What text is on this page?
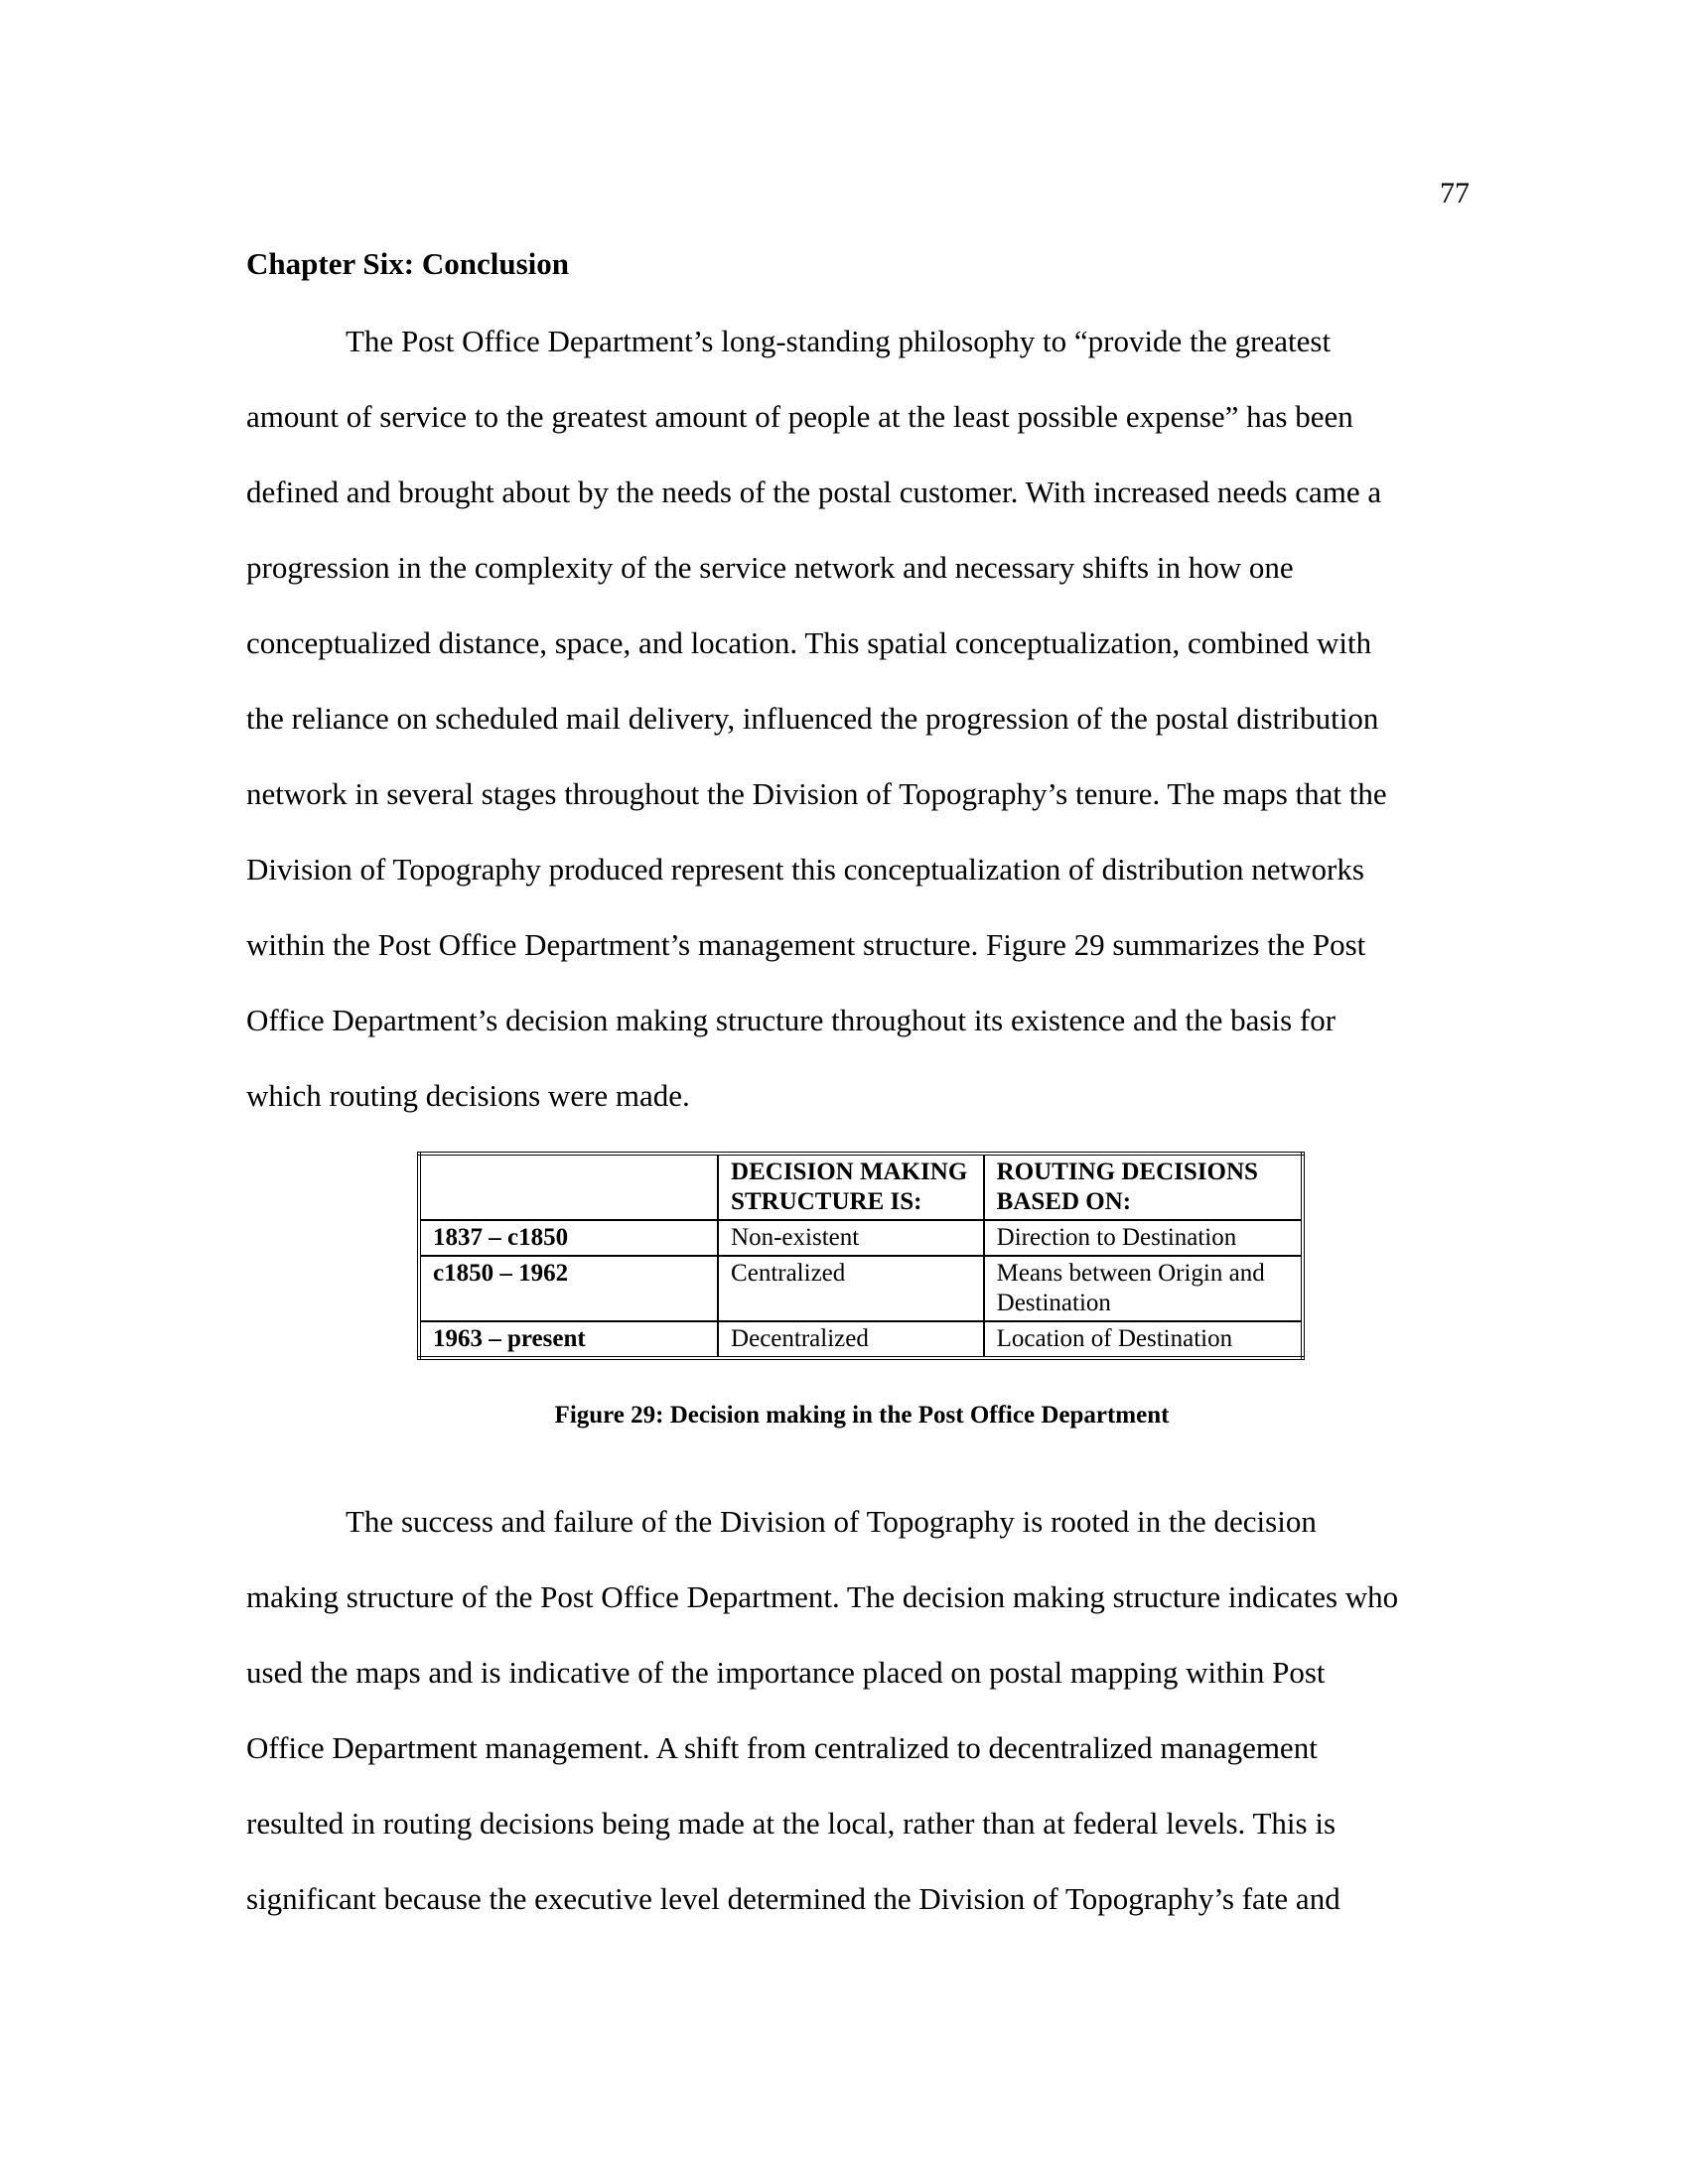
77
Chapter Six: Conclusion

The Post Office Department’s long-standing philosophy to “provide the greatest
amount of service to the greatest amount of people at the least possible expense” has been
defined and brought about by the needs of the postal customer. With increased needs came a
progression in the complexity of the service network and necessary shifts in how one
conceptualized distance, space, and location. This spatial conceptualization, combined with
the reliance on scheduled mail delivery, influenced the progression of the postal distribution
network in several stages throughout the Division of Topography’s tenure. The maps that the
Division of Topography produced represent this conceptualization of distribution networks
within the Post Office Department’s management structure. Figure 29 summarizes the Post
Office Department’s decision making structure throughout its existence and the basis for
which routing decisions were made.

	DECISION MAKING STRUCTURE IS:	ROUTING DECISIONS BASED ON:
1837 – c1850	Non-existent	Direction to Destination
c1850 – 1962	Centralized	Means between Origin and Destination
1963 – present	Decentralized	Location of Destination
Figure 29: Decision making in the Post Office Department

The success and failure of the Division of Topography is rooted in the decision
making structure of the Post Office Department. The decision making structure indicates who
used the maps and is indicative of the importance placed on postal mapping within Post
Office Department management. A shift from centralized to decentralized management
resulted in routing decisions being made at the local, rather than at federal levels. This is
significant because the executive level determined the Division of Topography’s fate and
